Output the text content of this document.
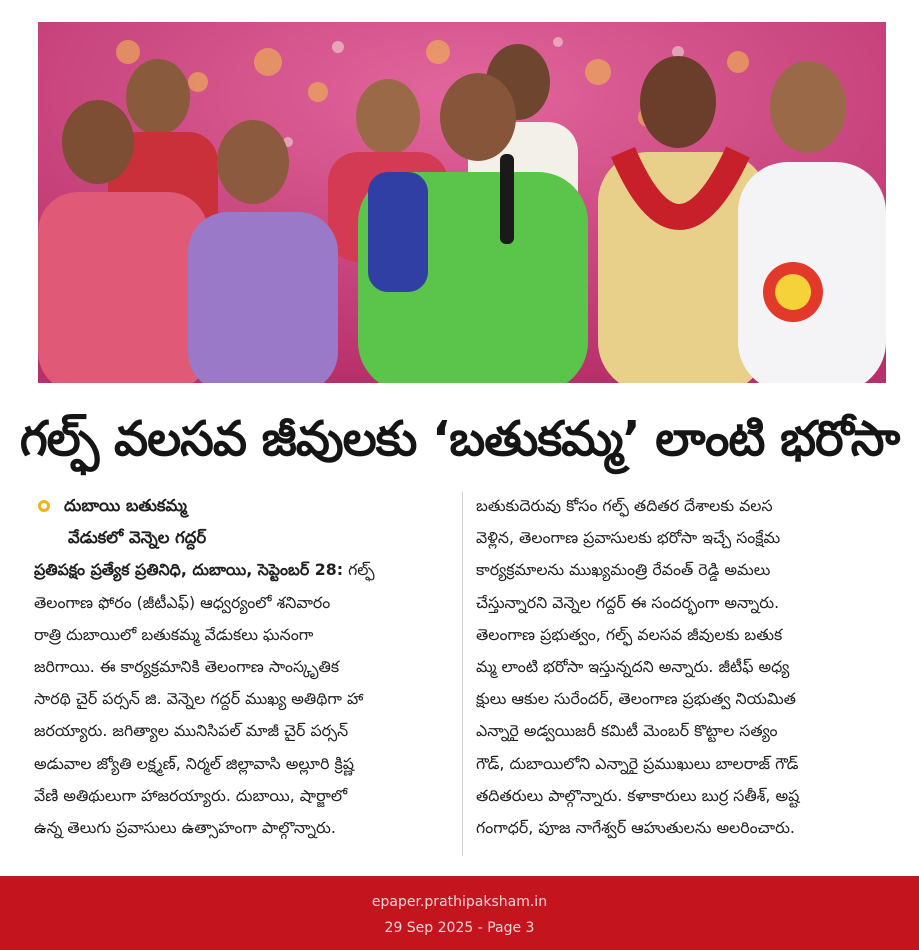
గల్ఫ్ వలసవ జీవులకు ‘బతుకమ్మ’ లాంటి భరోసా

దుబాయి బతుకమ్మ

వేడుకలో వెన్నెల గద్దర్

ప్రతిపక్షం ప్రత్యేక ప్రతినిధి, దుబాయి, సెప్టెంబర్ 28: గల్ఫ్

తెలంగాణ ఫోరం (జీటీఎఫ్) ఆధ్వర్యంలో శనివారం

రాత్రి దుబాయిలో బతుకమ్మ వేడుకలు ఘనంగా

జరిగాయి. ఈ కార్యక్రమానికి తెలంగాణ సాంస్కృతిక

సారథి చైర్ పర్సన్ జి. వెన్నెల గద్దర్ ముఖ్య అతిథిగా హా

జరయ్యారు. జగిత్యాల మునిసిపల్ మాజీ చైర్ పర్సన్

అడువాల జ్యోతి లక్ష్మణ్, నిర్మల్ జిల్లావాసి అల్లూరి క్రిష్ణ

వేణి అతిథులుగా హాజరయ్యారు. దుబాయి, షార్జాలో

ఉన్న తెలుగు ప్రవాసులు ఉత్సాహంగా పాల్గొన్నారు.

బతుకుదెరువు కోసం గల్ఫ్ తదితర దేశాలకు వలస

వెళ్లిన, తెలంగాణ ప్రవాసులకు భరోసా ఇచ్చే సంక్షేమ

కార్యక్రమాలను ముఖ్యమంత్రి రేవంత్ రెడ్డి అమలు

చేస్తున్నారని వెన్నెల గద్దర్ ఈ సందర్భంగా అన్నారు.

తెలంగాణ ప్రభుత్వం, గల్ఫ్ వలసవ జీవులకు బతుక

మ్మ లాంటి భరోసా ఇస్తున్నదని అన్నారు. జీటీఫ్ అధ్య

క్షులు ఆకుల సురేందర్, తెలంగాణ ప్రభుత్వ నియమిత

ఎన్నారై అడ్వయిజరీ కమిటీ మెంబర్ కొట్టాల సత్యం

గౌడ్, దుబాయిలోని ఎన్నారై ప్రముఖులు బాలరాజ్ గౌడ్

తదితరులు పాల్గొన్నారు. కళాకారులు బుర్ర సతీశ్, అష్ట

గంగాధర్, పూజ నాగేశ్వర్ ఆహుతులను అలరించారు.

epaper.prathipaksham.in
29 Sep 2025 - Page 3
